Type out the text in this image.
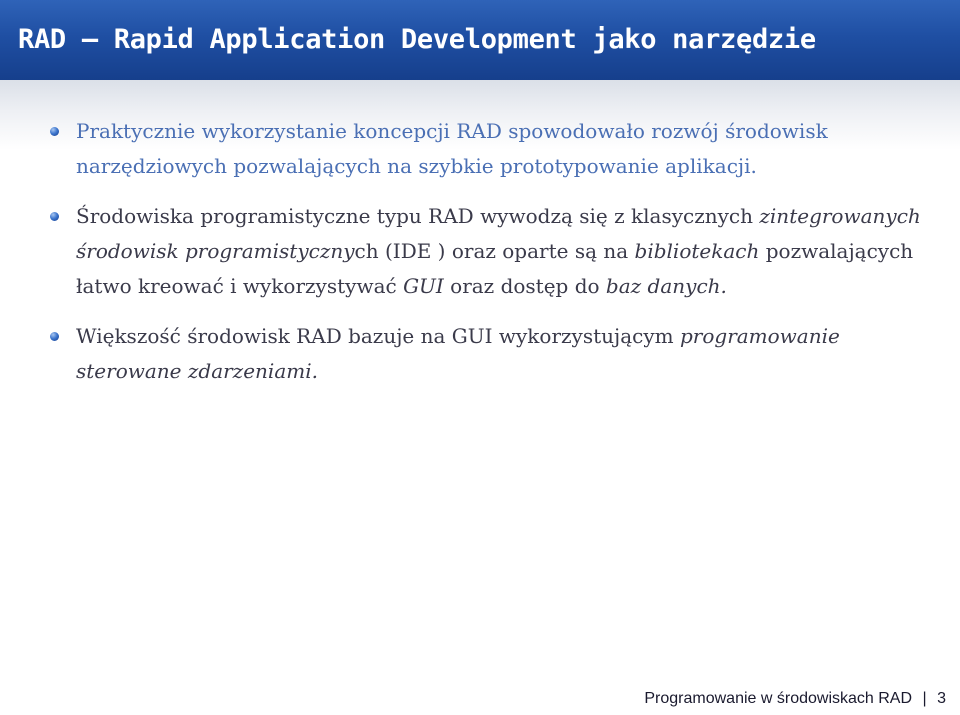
RAD — Rapid Application Development jako narzędzie
Praktycznie wykorzystanie koncepcji RAD spowodowało rozwój środowisk narzędziowych pozwalających na szybkie prototypowanie aplikacji.
Środowiska programistyczne typu RAD wywodzą się z klasycznych zintegrowanych środowisk programistycznych (IDE ) oraz oparte są na bibliotekach pozwalających łatwo kreować i wykorzystywać GUI oraz dostęp do baz danych.
Większość środowisk RAD bazuje na GUI wykorzystującym programowanie sterowane zdarzeniami.
Programowanie w środowiskach RAD | 3
